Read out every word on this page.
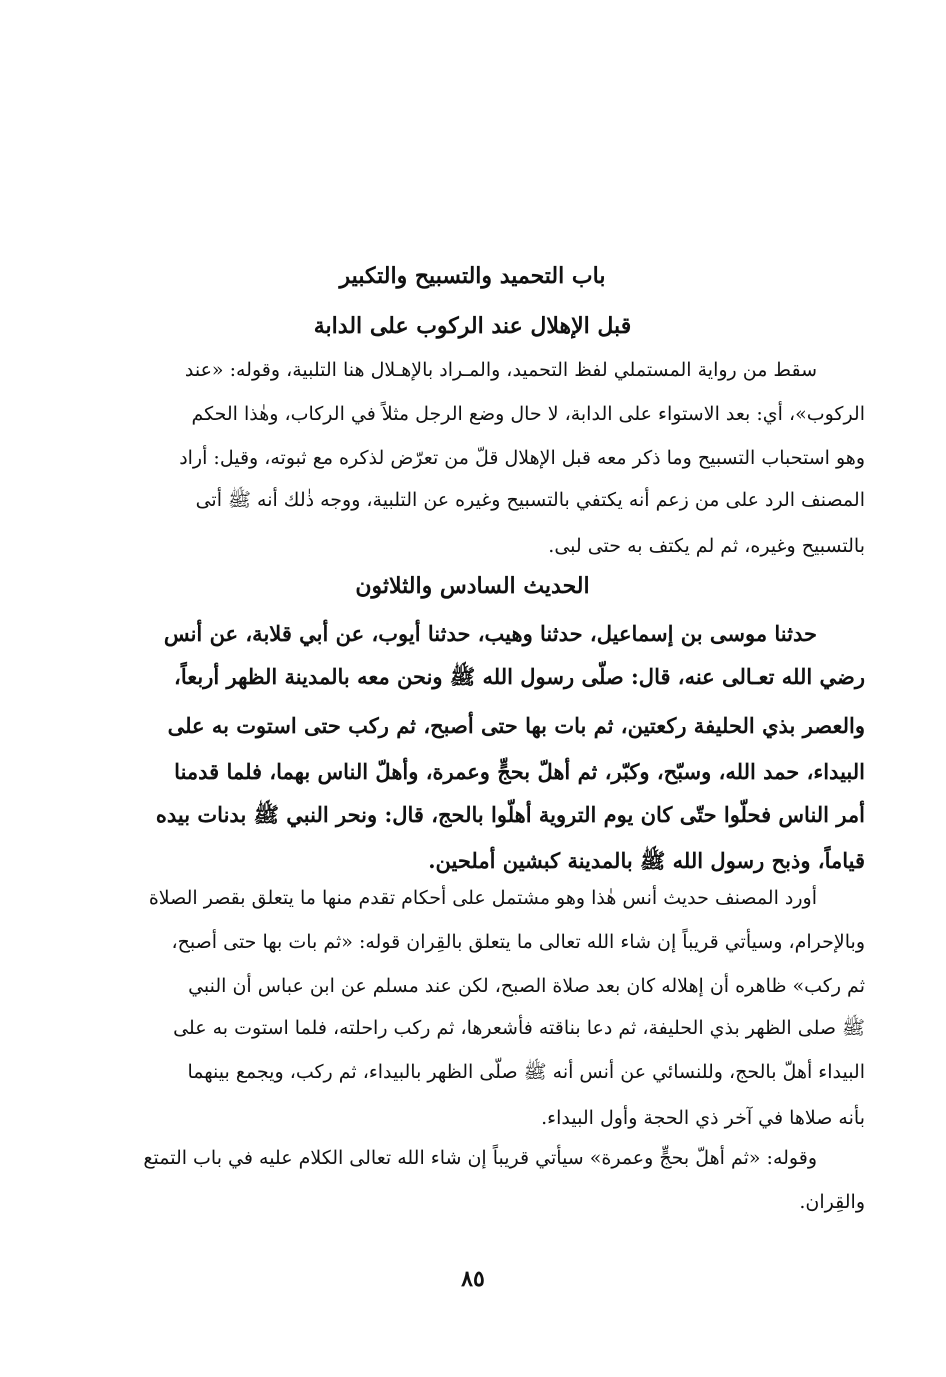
باب التحميد والتسبيح والتكبير
قبل الإهلال عند الركوب على الدابة
سقط من رواية المستملي لفظ التحميد، والمـراد بالإهـلال هنا التلبية، وقوله: «عند
الركوب»، أي: بعد الاستواء على الدابة، لا حال وضع الرجل مثلاً في الركاب، وهٰذا الحكم
وهو استحباب التسبيح وما ذكر معه قبل الإهلال قلّ من تعرّض لذكره مع ثبوته، وقيل: أراد
المصنف الرد على من زعم أنه يكتفي بالتسبيح وغيره عن التلبية، ووجه ذٰلك أنه ﷺ أتى
بالتسبيح وغيره، ثم لم يكتف به حتى لبى.
الحديث السادس والثلاثون
حدثنا موسى بن إسماعيل، حدثنا وهيب، حدثنا أيوب، عن أبي قلابة، عن أنس
رضي الله تعـالى عنه، قال: صلّى رسول الله ﷺ ونحن معه بالمدينة الظهر أربعاً،
والعصر بذي الحليفة ركعتين، ثم بات بها حتى أصبح، ثم ركب حتى استوت به على
البيداء، حمد الله، وسبّح، وكبّر، ثم أهلّ بحجٍّ وعمرة، وأهلّ الناس بهما، فلما قدمنا
أمر الناس فحلّوا حتّى كان يوم التروية أهلّوا بالحج، قال: ونحر النبي ﷺ بدنات بيده
قياماً، وذبح رسول الله ﷺ بالمدينة كبشين أملحين.
أورد المصنف حديث أنس هٰذا وهو مشتمل على أحكام تقدم منها ما يتعلق بقصر الصلاة
وبالإحرام، وسيأتي قريباً إن شاء الله تعالى ما يتعلق بالقِران قوله: «ثم بات بها حتى أصبح،
ثم ركب» ظاهره أن إهلاله كان بعد صلاة الصبح، لكن عند مسلم عن ابن عباس أن النبي
ﷺ صلى الظهر بذي الحليفة، ثم دعا بناقته فأشعرها، ثم ركب راحلته، فلما استوت به على
البيداء أهلّ بالحج، وللنسائي عن أنس أنه ﷺ صلّى الظهر بالبيداء، ثم ركب، ويجمع بينهما
بأنه صلاها في آخر ذي الحجة وأول البيداء.
وقوله: «ثم أهلّ بحجٍّ وعمرة» سيأتي قريباً إن شاء الله تعالى الكلام عليه في باب التمتع
والقِران.
٨٥
